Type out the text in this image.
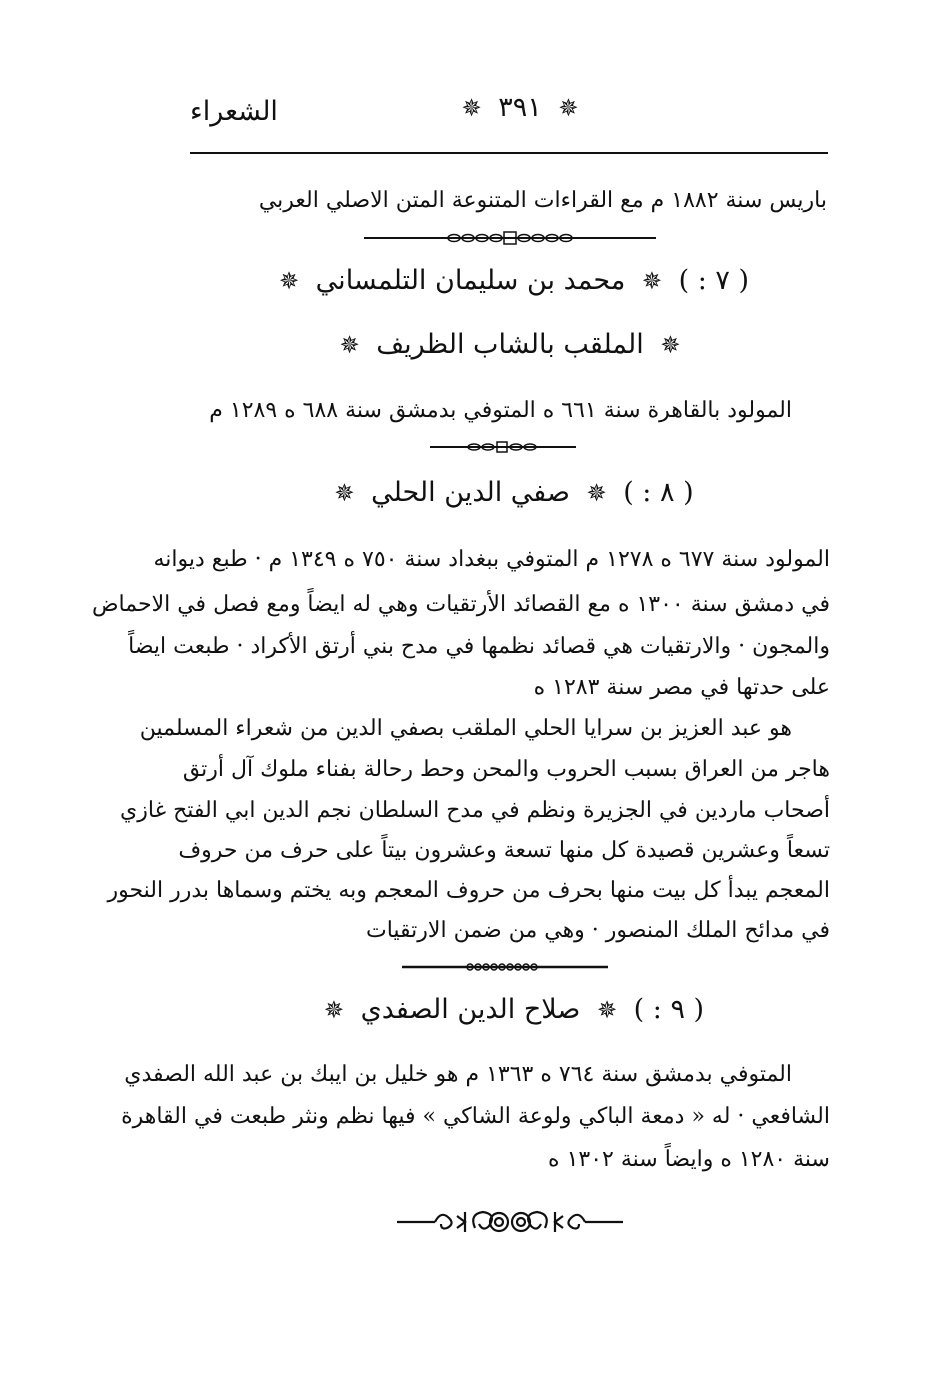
الشعراء	✵ ٣٩١ ✵
باريس سنة ١٨٨٢ م مع القراءات المتنوعة المتن الاصلي العربي
( ٧ : ) ✵ محمد بن سليمان التلمساني ✵
✵ الملقب بالشاب الظريف ✵
المولود بالقاهرة سنة ٦٦١ ه المتوفي بدمشق سنة ٦٨٨ ه ١٢٨٩ م
( ٨ : ) ✵ صفي الدين الحلي ✵
المولود سنة ٦٧٧ ه ١٢٧٨ م المتوفي ببغداد سنة ٧٥٠ ه ١٣٤٩ م · طبع ديوانه
في دمشق سنة ١٣٠٠ ه مع القصائد الأرتقيات وهي له ايضاً ومع فصل في الاحماض
والمجون · والارتقيات هي قصائد نظمها في مدح بني أرتق الأكراد · طبعت ايضاً
على حدتها في مصر سنة ١٢٨٣ ه
هو عبد العزيز بن سرايا الحلي الملقب بصفي الدين من شعراء المسلمين
هاجر من العراق بسبب الحروب والمحن وحط رحالة بفناء ملوك آل أرتق
أصحاب ماردين في الجزيرة ونظم في مدح السلطان نجم الدين ابي الفتح غازي
تسعاً وعشرين قصيدة كل منها تسعة وعشرون بيتاً على حرف من حروف
المعجم يبدأ كل بيت منها بحرف من حروف المعجم وبه يختم وسماها بدرر النحور
في مدائح الملك المنصور · وهي من ضمن الارتقيات
( ٩ : ) ✵ صلاح الدين الصفدي ✵
المتوفي بدمشق سنة ٧٦٤ ه ١٣٦٣ م هو خليل بن ايبك بن عبد الله الصفدي
الشافعي · له « دمعة الباكي ولوعة الشاكي » فيها نظم ونثر طبعت في القاهرة
سنة ١٢٨٠ ه وايضاً سنة ١٣٠٢ ه
